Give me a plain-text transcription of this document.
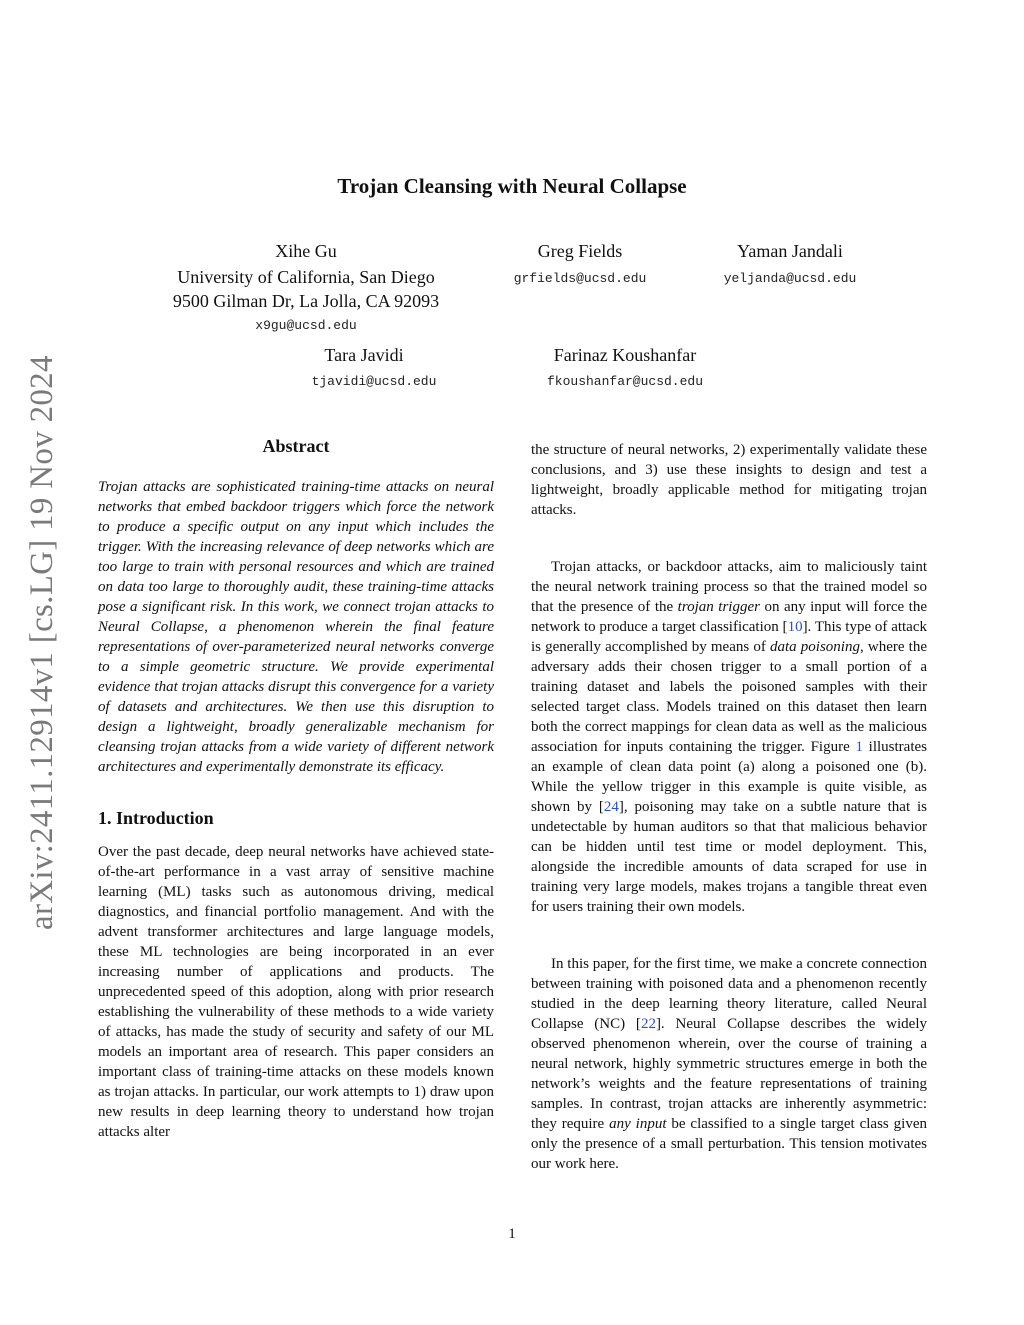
arXiv:2411.12914v1 [cs.LG] 19 Nov 2024
Trojan Cleansing with Neural Collapse
Xihe Gu
University of California, San Diego
9500 Gilman Dr, La Jolla, CA 92093
x9gu@ucsd.edu
Greg Fields
grfields@ucsd.edu
Yaman Jandali
yeljanda@ucsd.edu
Tara Javidi
tjavidi@ucsd.edu
Farinaz Koushanfar
fkoushanfar@ucsd.edu
Abstract

Trojan attacks are sophisticated training-time attacks on neural networks that embed backdoor triggers which force the network to produce a specific output on any input which includes the trigger. With the increasing relevance of deep networks which are too large to train with personal resources and which are trained on data too large to thoroughly audit, these training-time attacks pose a significant risk. In this work, we connect trojan attacks to Neural Collapse, a phenomenon wherein the final feature representations of over-parameterized neural networks converge to a simple geometric structure. We provide experimental evidence that trojan attacks disrupt this convergence for a variety of datasets and architectures. We then use this disruption to design a lightweight, broadly generalizable mechanism for cleansing trojan attacks from a wide variety of different network architectures and experimentally demonstrate its efficacy.

1. Introduction

Over the past decade, deep neural networks have achieved state-of-the-art performance in a vast array of sensitive machine learning (ML) tasks such as autonomous driving, medical diagnostics, and financial portfolio management. And with the advent transformer architectures and large language models, these ML technologies are being incorporated in an ever increasing number of applications and products. The unprecedented speed of this adoption, along with prior research establishing the vulnerability of these methods to a wide variety of attacks, has made the study of security and safety of our ML models an important area of research. This paper considers an important class of training-time attacks on these models known as trojan attacks. In particular, our work attempts to 1) draw upon new results in deep learning theory to understand how trojan attacks alter

the structure of neural networks, 2) experimentally validate these conclusions, and 3) use these insights to design and test a lightweight, broadly applicable method for mitigating trojan attacks.

Trojan attacks, or backdoor attacks, aim to maliciously taint the neural network training process so that the trained model so that the presence of the trojan trigger on any input will force the network to produce a target classification [10]. This type of attack is generally accomplished by means of data poisoning, where the adversary adds their chosen trigger to a small portion of a training dataset and labels the poisoned samples with their selected target class. Models trained on this dataset then learn both the correct mappings for clean data as well as the malicious association for inputs containing the trigger. Figure 1 illustrates an example of clean data point (a) along a poisoned one (b). While the yellow trigger in this example is quite visible, as shown by [24], poisoning may take on a subtle nature that is undetectable by human auditors so that that malicious behavior can be hidden until test time or model deployment. This, alongside the incredible amounts of data scraped for use in training very large models, makes trojans a tangible threat even for users training their own models.

In this paper, for the first time, we make a concrete connection between training with poisoned data and a phenomenon recently studied in the deep learning theory literature, called Neural Collapse (NC) [22]. Neural Collapse describes the widely observed phenomenon wherein, over the course of training a neural network, highly symmetric structures emerge in both the network’s weights and the feature representations of training samples. In contrast, trojan attacks are inherently asymmetric: they require any input be classified to a single target class given only the presence of a small perturbation. This tension motivates our work here.

1
